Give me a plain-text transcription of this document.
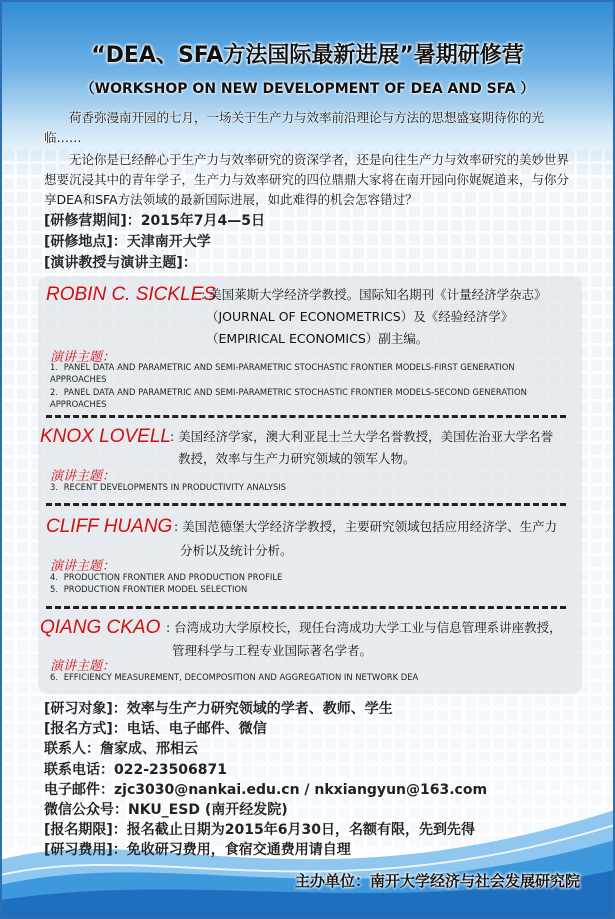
“DEA、SFA方法国际最新进展”暑期研修营
（WORKSHOP ON NEW DEVELOPMENT OF DEA AND SFA ）

荷香弥漫南开园的七月，一场关于生产力与效率前沿理论与方法的思想盛宴期待你的光临……

无论你是已经醉心于生产力与效率研究的资深学者，还是向往生产力与效率研究的美妙世界想要沉浸其中的青年学子，生产力与效率研究的四位鼎鼎大家将在南开园向你娓娓道来，与你分享DEA和SFA方法领域的最新国际进展，如此难得的机会怎容错过？

[研修营期间]：2015年7月4—5日
[研修地点]：天津南开大学
[演讲教授与演讲主题]：
ROBIN C. SICKLES
: 美国莱斯大学经济学教授。国际知名期刊《计量经济学杂志》
（JOURNAL OF ECONOMETRICS）及《经验经济学》
（EMPIRICAL ECONOMICS）副主编。
演讲主题：
1．PANEL DATA AND PARAMETRIC AND SEMI-PARAMETRIC STOCHASTIC FRONTIER MODELS-FIRST GENERATION APPROACHES
2．PANEL DATA AND PARAMETRIC AND SEMI-PARAMETRIC STOCHASTIC FRONTIER MODELS-SECOND GENERATION APPROACHES
KNOX LOVELL : 美国经济学家，澳大利亚昆士兰大学名誉教授，美国佐治亚大学名誉
教授，效率与生产力研究领域的领军人物。
演讲主题：
3．RECENT DEVELOPMENTS IN PRODUCTIVITY ANALYSIS
CLIFF HUANG : 美国范德堡大学经济学教授，主要研究领域包括应用经济学、生产力
分析以及统计分析。
演讲主题：
4．PRODUCTION FRONTIER AND PRODUCTION PROFILE
5．PRODUCTION FRONTIER MODEL SELECTION
QIANG CKAO : 台湾成功大学原校长，现任台湾成功大学工业与信息管理系讲座教授，
管理科学与工程专业国际著名学者。
演讲主题：
6．EFFICIENCY MEASUREMENT, DECOMPOSITION AND AGGREGATION IN NETWORK DEA
[研习对象]：效率与生产力研究领域的学者、教师、学生
[报名方式]：电话、电子邮件、微信
联系人：詹家成、邢相云
联系电话：022-23506871
电子邮件：zjc3030@nankai.edu.cn / nkxiangyun@163.com
微信公众号：NKU_ESD (南开经发院)
[报名期限]：报名截止日期为2015年6月30日，名额有限，先到先得
[研习费用]：免收研习费用，食宿交通费用请自理
主办单位：南开大学经济与社会发展研究院
